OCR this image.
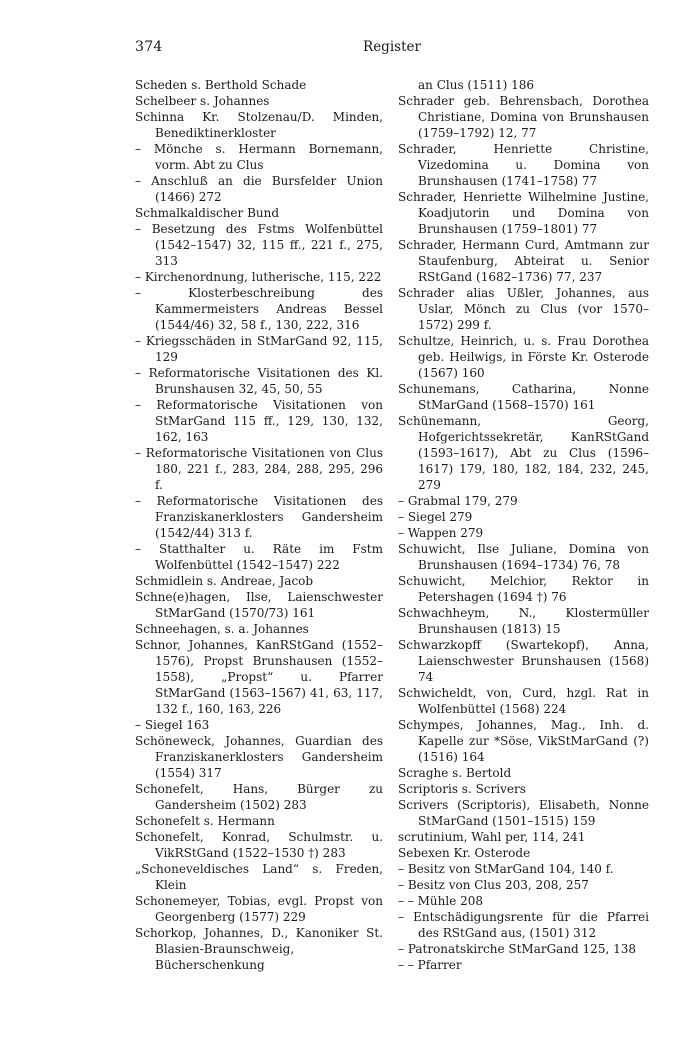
374	Register
Scheden s. Berthold Schade
Schelbeer s. Johannes
Schinna Kr. Stolzenau/D. Minden, Benediktinerkloster
– Mönche s. Hermann Bornemann, vorm. Abt zu Clus
– Anschluß an die Bursfelder Union (1466) 272
Schmalkaldischer Bund
– Besetzung des Fstms Wolfenbüttel (1542–1547) 32, 115 ff., 221 f., 275, 313
– Kirchenordnung, lutherische, 115, 222
– Klosterbeschreibung des Kammermeisters Andreas Bessel (1544/46) 32, 58 f., 130, 222, 316
– Kriegsschäden in StMarGand 92, 115, 129
– Reformatorische Visitationen des Kl. Brunshausen 32, 45, 50, 55
– Reformatorische Visitationen von StMarGand 115 ff., 129, 130, 132, 162, 163
– Reformatorische Visitationen von Clus 180, 221 f., 283, 284, 288, 295, 296 f.
– Reformatorische Visitationen des Franziskanerklosters Gandersheim (1542/44) 313 f.
– Statthalter u. Räte im Fstm Wolfenbüttel (1542–1547) 222
Schmidlein s. Andreae, Jacob
Schne(e)hagen, Ilse, Laienschwester StMarGand (1570/73) 161
Schneehagen, s. a. Johannes
Schnor, Johannes, KanRStGand (1552–1576), Propst Brunshausen (1552–1558), „Propst“ u. Pfarrer StMarGand (1563–1567) 41, 63, 117, 132 f., 160, 163, 226
– Siegel 163
Schöneweck, Johannes, Guardian des Franziskanerklosters Gandersheim (1554) 317
Schonefelt, Hans, Bürger zu Gandersheim (1502) 283
Schonefelt s. Hermann
Schonefelt, Konrad, Schulmstr. u. VikRStGand (1522–1530 †) 283
„Schoneveldisches Land“ s. Freden, Klein
Schonemeyer, Tobias, evgl. Propst von Georgenberg (1577) 229
Schorkop, Johannes, D., Kanoniker St. Blasien-Braunschweig, Bücherschenkung
an Clus (1511) 186
Schrader geb. Behrensbach, Dorothea Christiane, Domina von Brunshausen (1759–1792) 12, 77
Schrader, Henriette Christine, Vizedomina u. Domina von Brunshausen (1741–1758) 77
Schrader, Henriette Wilhelmine Justine, Koadjutorin und Domina von Brunshausen (1759–1801) 77
Schrader, Hermann Curd, Amtmann zur Staufenburg, Abteirat u. Senior RStGand (1682–1736) 77, 237
Schrader alias Ußler, Johannes, aus Uslar, Mönch zu Clus (vor 1570–1572) 299 f.
Schultze, Heinrich, u. s. Frau Dorothea geb. Heilwigs, in Förste Kr. Osterode (1567) 160
Schunemans, Catharina, Nonne StMarGand (1568–1570) 161
Schünemann, Georg, Hofgerichtssekretär, KanRStGand (1593–1617), Abt zu Clus (1596–1617) 179, 180, 182, 184, 232, 245, 279
– Grabmal 179, 279
– Siegel 279
– Wappen 279
Schuwicht, Ilse Juliane, Domina von Brunshausen (1694–1734) 76, 78
Schuwicht, Melchior, Rektor in Petershagen (1694 †) 76
Schwachheym, N., Klostermüller Brunshausen (1813) 15
Schwarzkopff (Swartekopf), Anna, Laienschwester Brunshausen (1568) 74
Schwicheldt, von, Curd, hzgl. Rat in Wolfenbüttel (1568) 224
Schympes, Johannes, Mag., Inh. d. Kapelle zur *Söse, VikStMarGand (?) (1516) 164
Scraghe s. Bertold
Scriptoris s. Scrivers
Scrivers (Scriptoris), Elisabeth, Nonne StMarGand (1501–1515) 159
scrutinium, Wahl per, 114, 241
Sebexen Kr. Osterode
– Besitz von StMarGand 104, 140 f.
– Besitz von Clus 203, 208, 257
– – Mühle 208
– Entschädigungsrente für die Pfarrei des RStGand aus, (1501) 312
– Patronatskirche StMarGand 125, 138
– – Pfarrer
